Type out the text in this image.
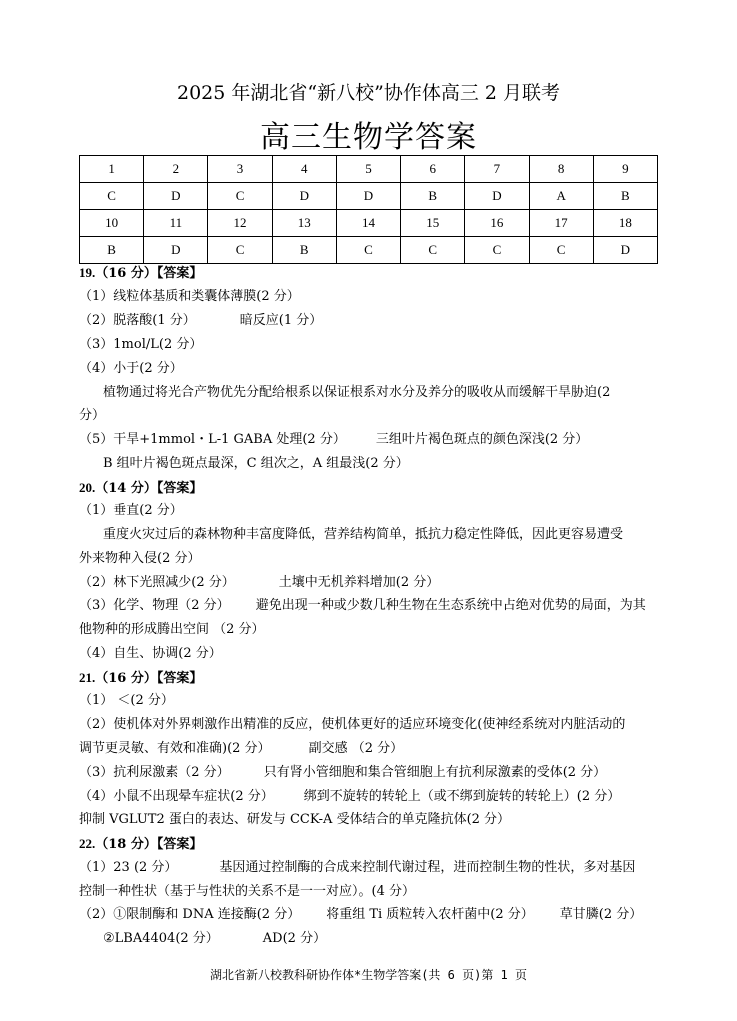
2025 年湖北省“新八校”协作体高三 2 月联考
高三生物学答案
1	2	3	4	5	6	7	8	9
C	D	C	D	D	B	D	A	B
10	11	12	13	14	15	16	17	18
B	D	C	B	C	C	C	C	D
19.（16 分）【答案】
（1）线粒体基质和类囊体薄膜(2 分）
（2）脱落酸(1 分）	暗反应(1 分）
（3）1mol/L(2 分）
（4）小于(2 分）
植物通过将光合产物优先分配给根系以保证根系对水分及养分的吸收从而缓解干旱胁迫(2
分）
（5）干旱+1mmol・L-1 GABA 处理(2 分） 三组叶片褐色斑点的颜色深浅(2 分）
B 组叶片褐色斑点最深，C 组次之，A 组最浅(2 分）
20.（14 分）【答案】
（1）垂直(2 分）
重度火灾过后的森林物种丰富度降低，营养结构简单，抵抗力稳定性降低，因此更容易遭受
外来物种入侵(2 分）
（2）林下光照减少(2 分）	土壤中无机养料增加(2 分）
（3）化学、物理（2 分） 避免出现一种或少数几种生物在生态系统中占绝对优势的局面，为其
他物种的形成腾出空间 （2 分）
（4）自生、协调(2 分）
21.（16 分）【答案】
（1） ＜(2 分）
（2）使机体对外界刺激作出精准的反应，使机体更好的适应环境变化(使神经系统对内脏活动的
调节更灵敏、有效和准确)(2 分）	副交感 （2 分）
（3）抗利尿激素（2 分）	只有肾小管细胞和集合管细胞上有抗利尿激素的受体(2 分）
（4）小鼠不出现晕车症状(2 分） 绑到不旋转的转轮上（或不绑到旋转的转轮上）(2 分）
抑制 VGLUT2 蛋白的表达、研发与 CCK-A 受体结合的单克隆抗体(2 分）
22.（18 分）【答案】
（1）23 (2 分）	基因通过控制酶的合成来控制代谢过程，进而控制生物的性状，多对基因
控制一种性状（基于与性状的关系不是一一对应）。(4 分）
（2）①限制酶和 DNA 连接酶(2 分） 将重组 Ti 质粒转入农杆菌中(2 分） 草甘膦(2 分）
②LBA4404(2 分）	AD(2 分）
湖北省新八校教科研协作体*生物学答案(共 6 页)第 1 页
